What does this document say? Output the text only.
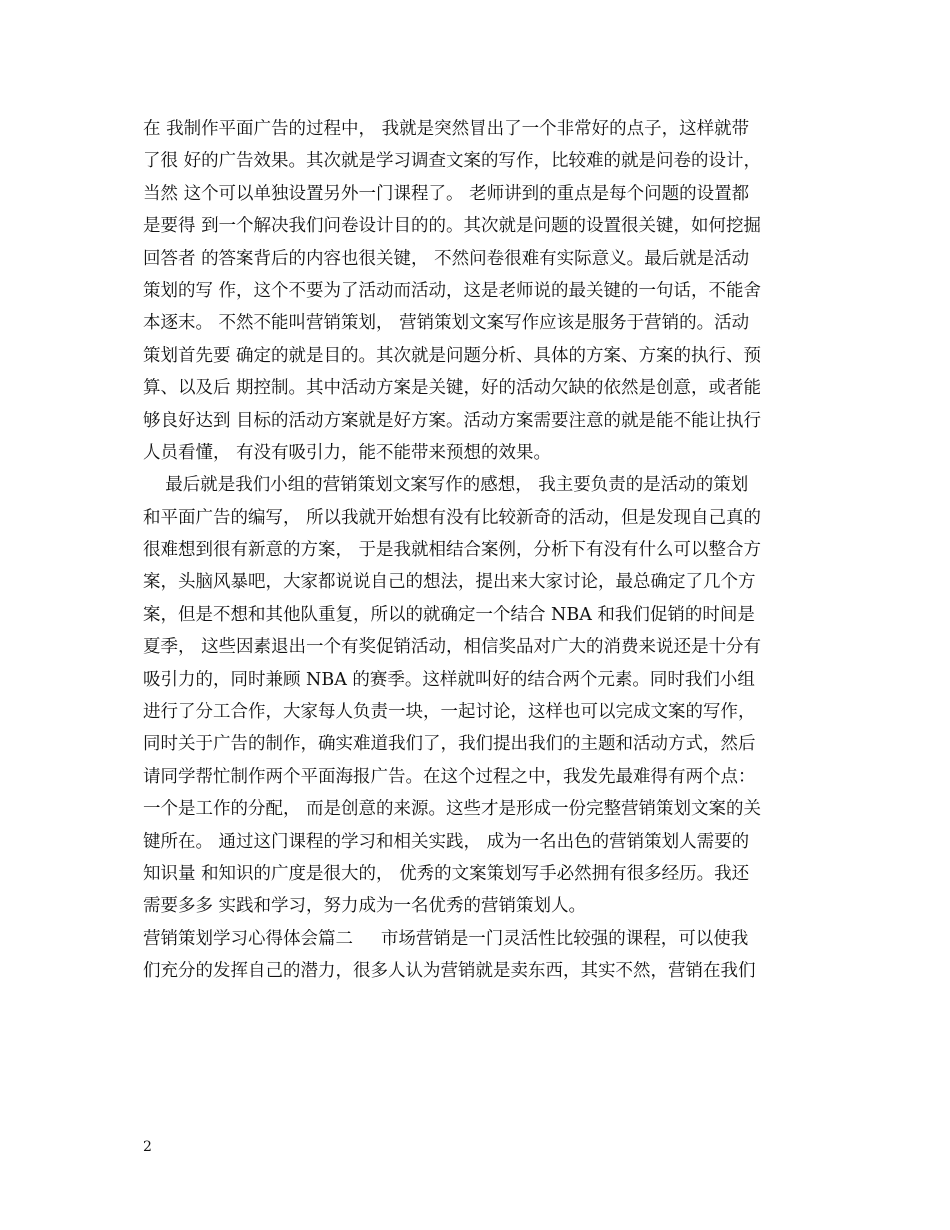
在 我制作平面广告的过程中， 我就是突然冒出了一个非常好的点子，这样就带
了很 好的广告效果。其次就是学习调查文案的写作，比较难的就是问卷的设计，
当然 这个可以单独设置另外一门课程了。 老师讲到的重点是每个问题的设置都
是要得 到一个解决我们问卷设计目的的。其次就是问题的设置很关键，如何挖掘
回答者 的答案背后的内容也很关键， 不然问卷很难有实际意义。最后就是活动
策划的写 作，这个不要为了活动而活动，这是老师说的最关键的一句话，不能舍
本逐末。 不然不能叫营销策划， 营销策划文案写作应该是服务于营销的。活动
策划首先要 确定的就是目的。其次就是问题分析、具体的方案、方案的执行、预
算、以及后 期控制。其中活动方案是关键，好的活动欠缺的依然是创意，或者能
够良好达到 目标的活动方案就是好方案。活动方案需要注意的就是能不能让执行
人员看懂， 有没有吸引力，能不能带来预想的效果。
最后就是我们小组的营销策划文案写作的感想， 我主要负责的是活动的策划
和平面广告的编写， 所以我就开始想有没有比较新奇的活动，但是发现自己真的
很难想到很有新意的方案， 于是我就相结合案例，分析下有没有什么可以整合方
案，头脑风暴吧，大家都说说自己的想法，提出来大家讨论，最总确定了几个方
案，但是不想和其他队重复，所以的就确定一个结合 NBA 和我们促销的时间是
夏季， 这些因素退出一个有奖促销活动，相信奖品对广大的消费来说还是十分有
吸引力的，同时兼顾 NBA 的赛季。这样就叫好的结合两个元素。同时我们小组
进行了分工合作，大家每人负责一块，一起讨论，这样也可以完成文案的写作，
同时关于广告的制作，确实难道我们了，我们提出我们的主题和活动方式，然后
请同学帮忙制作两个平面海报广告。在这个过程之中，我发先最难得有两个点：
一个是工作的分配， 而是创意的来源。这些才是形成一份完整营销策划文案的关
键所在。 通过这门课程的学习和相关实践， 成为一名出色的营销策划人需要的
知识量 和知识的广度是很大的， 优秀的文案策划写手必然拥有很多经历。我还
需要多多 实践和学习，努力成为一名优秀的营销策划人。
营销策划学习心得体会篇二     市场营销是一门灵活性比较强的课程，可以使我
们充分的发挥自己的潜力，很多人认为营销就是卖东西，其实不然，营销在我们
2
